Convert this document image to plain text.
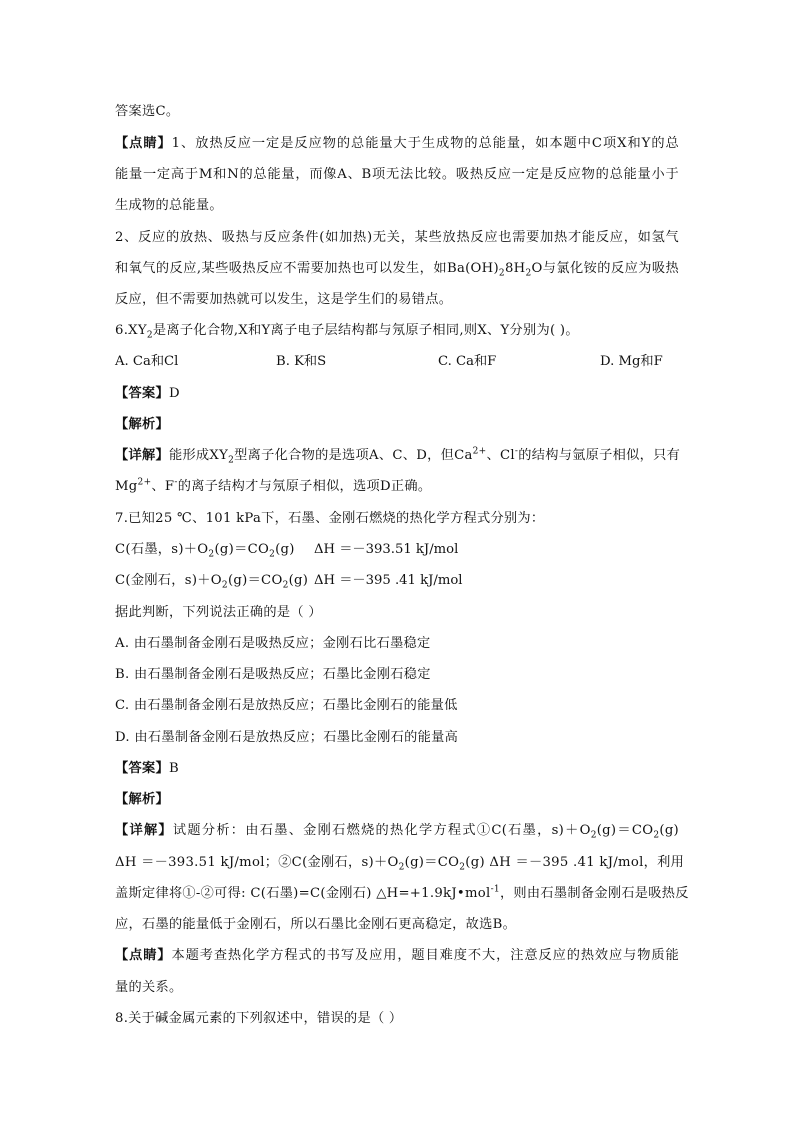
答案选C。
【点睛】1、放热反应一定是反应物的总能量大于生成物的总能量，如本题中C项X和Y的总
能量一定高于M和N的总能量，而像A、B项无法比较。吸热反应一定是反应物的总能量小于
生成物的总能量。
2、反应的放热、吸热与反应条件(如加热)无关，某些放热反应也需要加热才能反应，如氢气
和氧气的反应,某些吸热反应不需要加热也可以发生，如$Ba(OH)_28H_2O$与氯化铵的反应为吸热
反应，但不需要加热就可以发生，这是学生们的易错点。
$6.XY_2$是离子化合物,X和Y离子电子层结构都与氖原子相同,则X、Y分别为( )。
A. Ca和Cl	B. K和S	C. Ca和F	D. Mg和F
【答案】D
【解析】
【详解】能形成$XY_2$型离子化合物的是选项A、C、D，但$Ca^{2+}$、Cl-的结构与氩原子相似，只有
$Mg^{2+}$、F-的离子结构才与氖原子相似，选项D正确。
7.已知25 ℃、101 kPa下，石墨、金刚石燃烧的热化学方程式分别为：
C(石墨，$s)+O_2(g)=CO_2(g)$ ΔH ＝－393.51 kJ/mol
C(金刚石，$s)+O_2(g)=CO_2(g)$ ΔH ＝－395 .41 kJ/mol
据此判断，下列说法正确的是（ ）
A. 由石墨制备金刚石是吸热反应；金刚石比石墨稳定
B. 由石墨制备金刚石是吸热反应；石墨比金刚石稳定
C. 由石墨制备金刚石是放热反应；石墨比金刚石的能量低
D. 由石墨制备金刚石是放热反应；石墨比金刚石的能量高
【答案】B
【解析】
【详解】试题分析：由石墨、金刚石燃烧的热化学方程式①C(石墨，$s)+O_2(g)=CO_2(g)$
ΔH ＝－393.51 kJ/mol；②C(金刚石，$s)+O_2(g)=CO_2(g)$ ΔH ＝－395 .41 kJ/mol，利用
盖斯定律将①-②可得: C(石墨)=C(金刚石) △H=+1.9kJ•mol$^{-1}$，则由石墨制备金刚石是吸热反
应，石墨的能量低于金刚石，所以石墨比金刚石更高稳定，故选B。
【点睛】本题考查热化学方程式的书写及应用，题目难度不大，注意反应的热效应与物质能
量的关系。
8.关于碱金属元素的下列叙述中，错误的是（ ）
